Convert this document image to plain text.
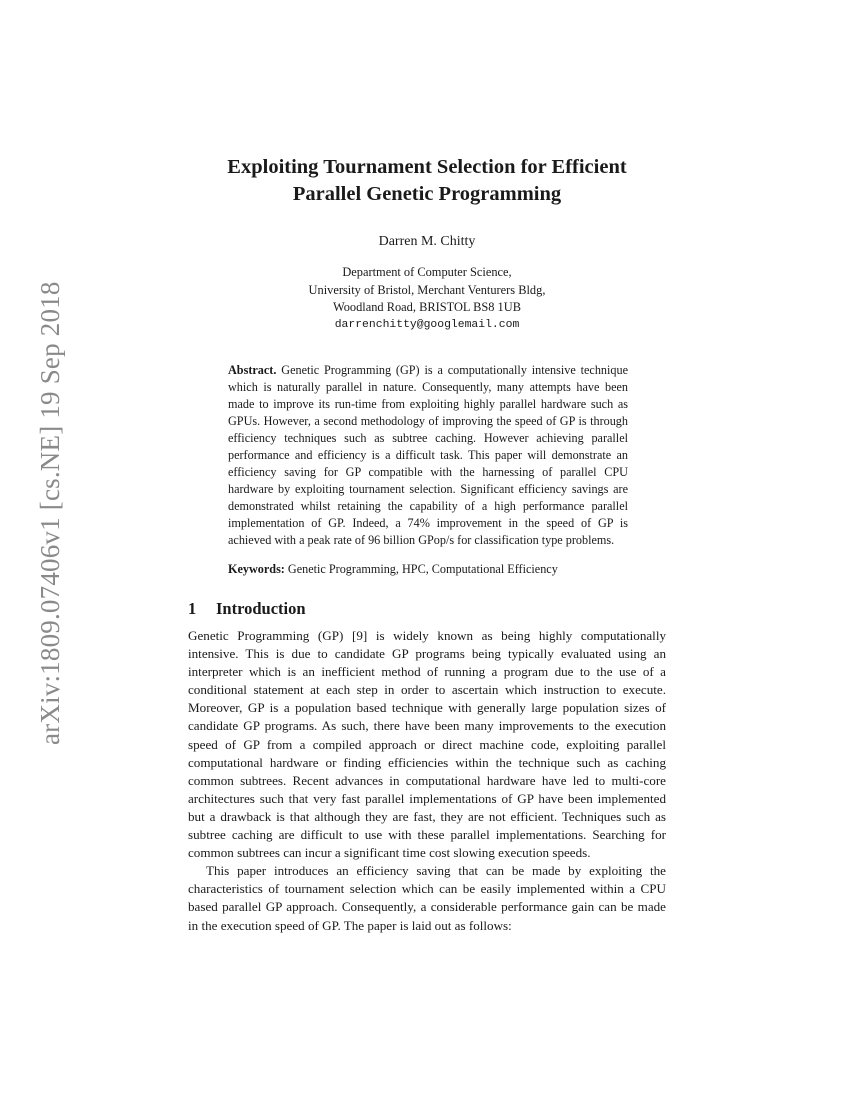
arXiv:1809.07406v1 [cs.NE] 19 Sep 2018
Exploiting Tournament Selection for Efficient
Parallel Genetic Programming
Darren M. Chitty
Department of Computer Science,
University of Bristol, Merchant Venturers Bldg,
Woodland Road, BRISTOL BS8 1UB
darrenchitty@googlemail.com

Abstract. Genetic Programming (GP) is a computationally intensive technique which is naturally parallel in nature. Consequently, many attempts have been made to improve its run-time from exploiting highly parallel hardware such as GPUs. However, a second methodology of improving the speed of GP is through efficiency techniques such as subtree caching. However achieving parallel performance and efficiency is a difficult task. This paper will demonstrate an efficiency saving for GP compatible with the harnessing of parallel CPU hardware by exploiting tournament selection. Significant efficiency savings are demonstrated whilst retaining the capability of a high performance parallel implementation of GP. Indeed, a 74% improvement in the speed of GP is achieved with a peak rate of 96 billion GPop/s for classification type problems.

Keywords: Genetic Programming, HPC, Computational Efficiency

1 Introduction

Genetic Programming (GP) [9] is widely known as being highly computationally intensive. This is due to candidate GP programs being typically evaluated using an interpreter which is an inefficient method of running a program due to the use of a conditional statement at each step in order to ascertain which instruction to execute. Moreover, GP is a population based technique with generally large population sizes of candidate GP programs. As such, there have been many improvements to the execution speed of GP from a compiled approach or direct machine code, exploiting parallel computational hardware or finding efficiencies within the technique such as caching common subtrees. Recent advances in computational hardware have led to multi-core architectures such that very fast parallel implementations of GP have been implemented but a drawback is that although they are fast, they are not efficient. Techniques such as subtree caching are difficult to use with these parallel implementations. Searching for common subtrees can incur a significant time cost slowing execution speeds.

This paper introduces an efficiency saving that can be made by exploiting the characteristics of tournament selection which can be easily implemented within a CPU based parallel GP approach. Consequently, a considerable performance gain can be made in the execution speed of GP. The paper is laid out as follows:
